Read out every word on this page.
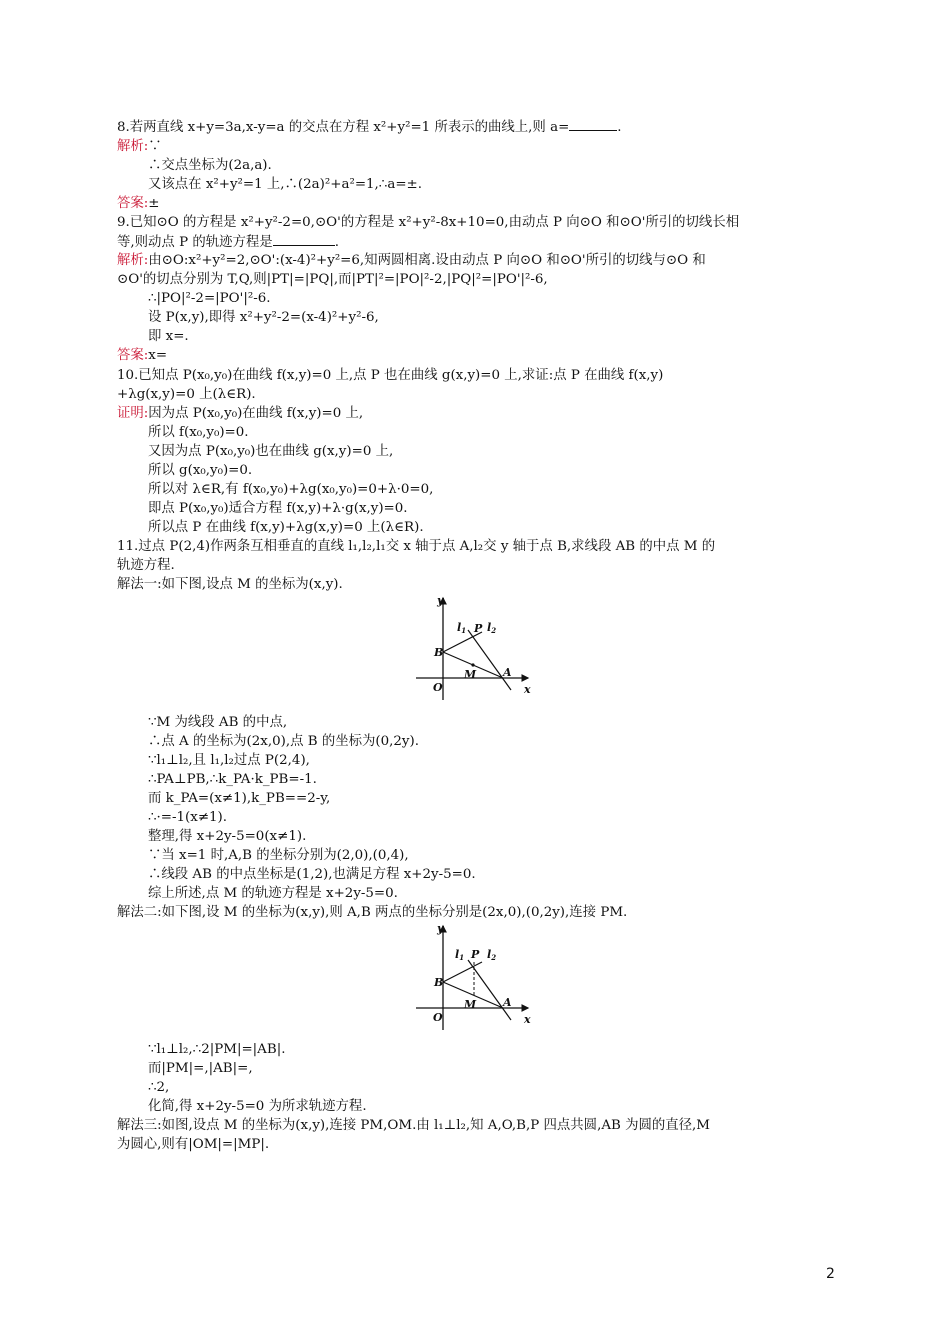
8.若两直线 x+y=3a,x-y=a 的交点在方程 x²+y²=1 所表示的曲线上,则 a=	.
解析:∵
∴交点坐标为(2a,a).
又该点在 x²+y²=1 上,∴(2a)²+a²=1,∴a=±.
答案:±
9.已知⊙O 的方程是 x²+y²-2=0,⊙O'的方程是 x²+y²-8x+10=0,由动点 P 向⊙O 和⊙O'所引的切线长相
等,则动点 P 的轨迹方程是	.
解析:由⊙O:x²+y²=2,⊙O':(x-4)²+y²=6,知两圆相离.设由动点 P 向⊙O 和⊙O'所引的切线与⊙O 和
⊙O'的切点分别为 T,Q,则|PT|=|PQ|,而|PT|²=|PO|²-2,|PQ|²=|PO'|²-6,
∴|PO|²-2=|PO'|²-6.
设 P(x,y),即得 x²+y²-2=(x-4)²+y²-6,
即 x=.
答案:x=
10.已知点 P(x₀,y₀)在曲线 f(x,y)=0 上,点 P 也在曲线 g(x,y)=0 上,求证:点 P 在曲线 f(x,y)
+λg(x,y)=0 上(λ∈R).
证明:因为点 P(x₀,y₀)在曲线 f(x,y)=0 上,
所以 f(x₀,y₀)=0.
又因为点 P(x₀,y₀)也在曲线 g(x,y)=0 上,
所以 g(x₀,y₀)=0.
所以对 λ∈R,有 f(x₀,y₀)+λg(x₀,y₀)=0+λ·0=0,
即点 P(x₀,y₀)适合方程 f(x,y)+λ·g(x,y)=0.
所以点 P 在曲线 f(x,y)+λg(x,y)=0 上(λ∈R).
11.过点 P(2,4)作两条互相垂直的直线 l₁,l₂,l₁交 x 轴于点 A,l₂交 y 轴于点 B,求线段 AB 的中点 M 的
轨迹方程.
解法一:如下图,设点 M 的坐标为(x,y).
∵M 为线段 AB 的中点,
∴点 A 的坐标为(2x,0),点 B 的坐标为(0,2y).
∵l₁⊥l₂,且 l₁,l₂过点 P(2,4),
∴PA⊥PB,∴k_PA·k_PB=-1.
而 k_PA=(x≠1),k_PB==2-y,
∴·=-1(x≠1).
整理,得 x+2y-5=0(x≠1).
∵当 x=1 时,A,B 的坐标分别为(2,0),(0,4),
∴线段 AB 的中点坐标是(1,2),也满足方程 x+2y-5=0.
综上所述,点 M 的轨迹方程是 x+2y-5=0.
解法二:如下图,设 M 的坐标为(x,y),则 A,B 两点的坐标分别是(2x,0),(0,2y),连接 PM.
∵l₁⊥l₂,∴2|PM|=|AB|.
而|PM|=,|AB|=,
∴2,
化简,得 x+2y-5=0 为所求轨迹方程.
解法三:如图,设点 M 的坐标为(x,y),连接 PM,OM.由 l₁⊥l₂,知 A,O,B,P 四点共圆,AB 为圆的直径,M
为圆心,则有|OM|=|MP|.
y
x
O
A
B
M
P
l1 l2
y
x
O
A
B
M
P
l1 l2
2
